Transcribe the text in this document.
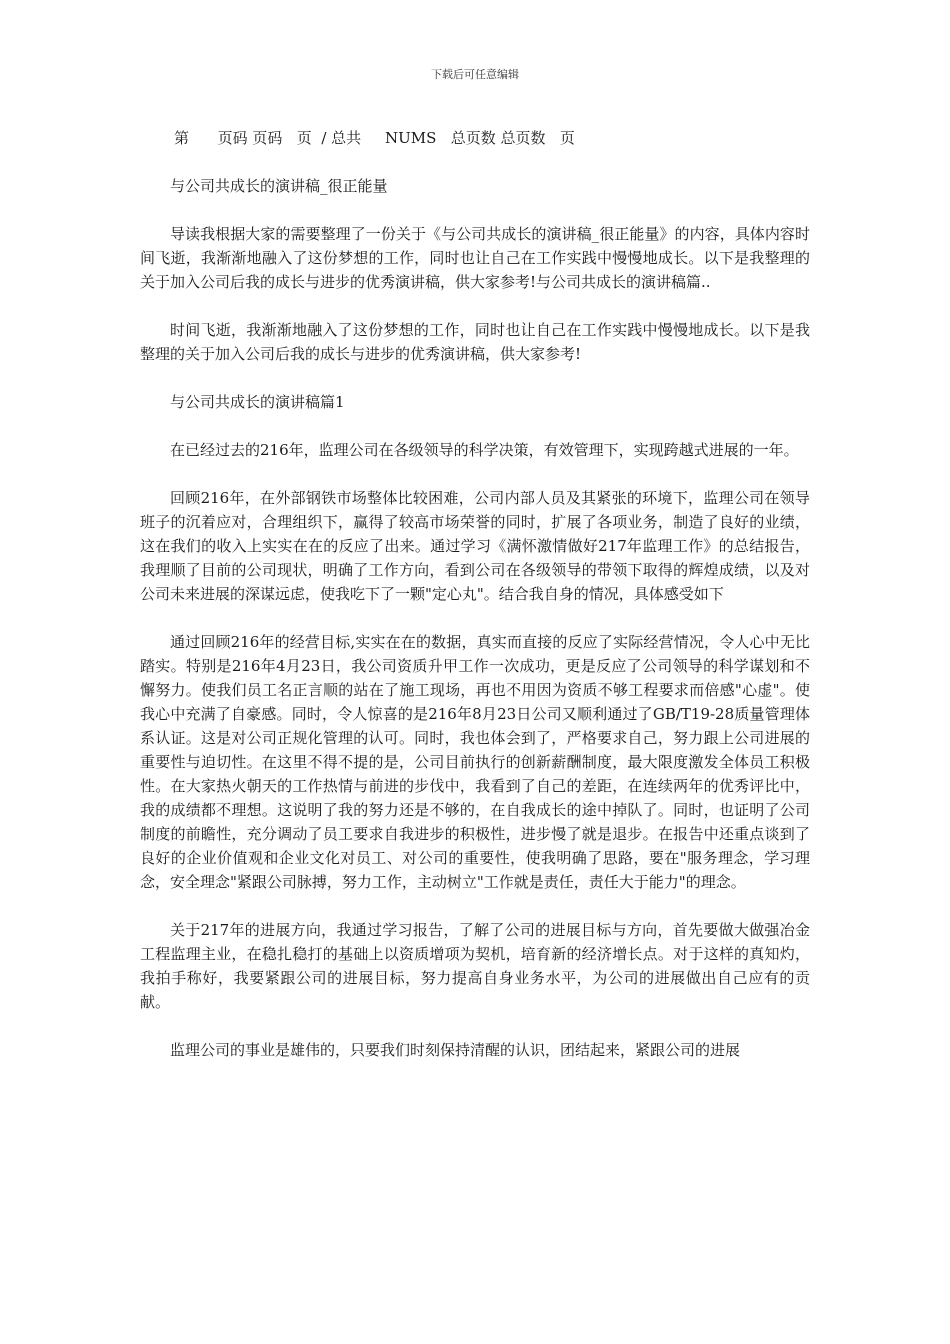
下载后可任意编辑
第 页码 页码 页 / 总共 NUMS 总页数 总页数 页

与公司共成长的演讲稿_很正能量

导读我根据大家的需要整理了一份关于《与公司共成长的演讲稿_很正能量》的内容，具体内容时间飞逝，我渐渐地融入了这份梦想的工作，同时也让自己在工作实践中慢慢地成长。以下是我整理的关于加入公司后我的成长与进步的优秀演讲稿，供大家参考!与公司共成长的演讲稿篇..

时间飞逝，我渐渐地融入了这份梦想的工作，同时也让自己在工作实践中慢慢地成长。以下是我整理的关于加入公司后我的成长与进步的优秀演讲稿，供大家参考!

与公司共成长的演讲稿篇1

在已经过去的216年，监理公司在各级领导的科学决策，有效管理下，实现跨越式进展的一年。

回顾216年，在外部钢铁市场整体比较困难，公司内部人员及其紧张的环境下，监理公司在领导班子的沉着应对，合理组织下，赢得了较高市场荣誉的同时，扩展了各项业务，制造了良好的业绩，这在我们的收入上实实在在的反应了出来。通过学习《满怀激情做好217年监理工作》的总结报告，我理顺了目前的公司现状，明确了工作方向，看到公司在各级领导的带领下取得的辉煌成绩，以及对公司未来进展的深谋远虑，使我吃下了一颗"定心丸"。结合我自身的情况，具体感受如下

通过回顾216年的经营目标,实实在在的数据，真实而直接的反应了实际经营情况，令人心中无比踏实。特别是216年4月23日，我公司资质升甲工作一次成功，更是反应了公司领导的科学谋划和不懈努力。使我们员工名正言顺的站在了施工现场，再也不用因为资质不够工程要求而倍感"心虚"。使我心中充满了自豪感。同时，令人惊喜的是216年8月23日公司又顺利通过了GB/T19-28质量管理体系认证。这是对公司正规化管理的认可。同时，我也体会到了，严格要求自己，努力跟上公司进展的重要性与迫切性。在这里不得不提的是，公司目前执行的创新薪酬制度，最大限度激发全体员工积极性。在大家热火朝天的工作热情与前进的步伐中，我看到了自己的差距，在连续两年的优秀评比中，我的成绩都不理想。这说明了我的努力还是不够的，在自我成长的途中掉队了。同时，也证明了公司制度的前瞻性，充分调动了员工要求自我进步的积极性，进步慢了就是退步。在报告中还重点谈到了良好的企业价值观和企业文化对员工、对公司的重要性，使我明确了思路，要在"服务理念，学习理念，安全理念"紧跟公司脉搏，努力工作，主动树立"工作就是责任，责任大于能力"的理念。

关于217年的进展方向，我通过学习报告，了解了公司的进展目标与方向，首先要做大做强冶金工程监理主业，在稳扎稳打的基础上以资质增项为契机，培育新的经济增长点。对于这样的真知灼，我拍手称好，我要紧跟公司的进展目标，努力提高自身业务水平，为公司的进展做出自己应有的贡献。

监理公司的事业是雄伟的，只要我们时刻保持清醒的认识，团结起来，紧跟公司的进展
